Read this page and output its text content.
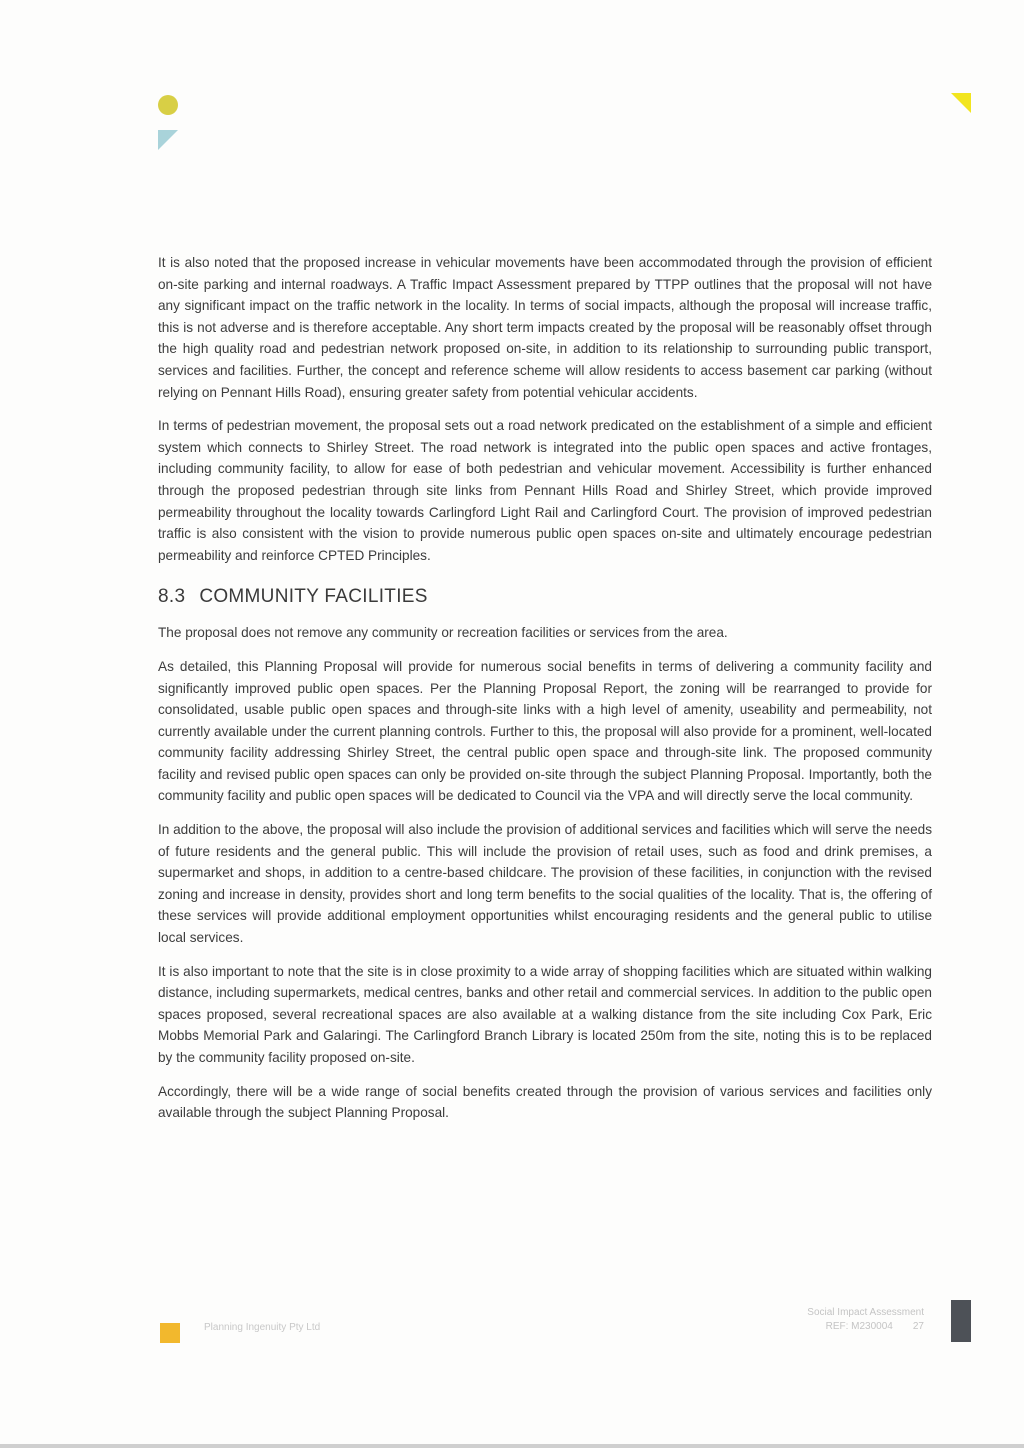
It is also noted that the proposed increase in vehicular movements have been accommodated through the provision of efficient on-site parking and internal roadways. A Traffic Impact Assessment prepared by TTPP outlines that the proposal will not have any significant impact on the traffic network in the locality. In terms of social impacts, although the proposal will increase traffic, this is not adverse and is therefore acceptable. Any short term impacts created by the proposal will be reasonably offset through the high quality road and pedestrian network proposed on-site, in addition to its relationship to surrounding public transport, services and facilities. Further, the concept and reference scheme will allow residents to access basement car parking (without relying on Pennant Hills Road), ensuring greater safety from potential vehicular accidents.

In terms of pedestrian movement, the proposal sets out a road network predicated on the establishment of a simple and efficient system which connects to Shirley Street. The road network is integrated into the public open spaces and active frontages, including community facility, to allow for ease of both pedestrian and vehicular movement. Accessibility is further enhanced through the proposed pedestrian through site links from Pennant Hills Road and Shirley Street, which provide improved permeability throughout the locality towards Carlingford Light Rail and Carlingford Court. The provision of improved pedestrian traffic is also consistent with the vision to provide numerous public open spaces on-site and ultimately encourage pedestrian permeability and reinforce CPTED Principles.

8.3 COMMUNITY FACILITIES

The proposal does not remove any community or recreation facilities or services from the area.

As detailed, this Planning Proposal will provide for numerous social benefits in terms of delivering a community facility and significantly improved public open spaces. Per the Planning Proposal Report, the zoning will be rearranged to provide for consolidated, usable public open spaces and through-site links with a high level of amenity, useability and permeability, not currently available under the current planning controls. Further to this, the proposal will also provide for a prominent, well-located community facility addressing Shirley Street, the central public open space and through-site link. The proposed community facility and revised public open spaces can only be provided on-site through the subject Planning Proposal. Importantly, both the community facility and public open spaces will be dedicated to Council via the VPA and will directly serve the local community.

In addition to the above, the proposal will also include the provision of additional services and facilities which will serve the needs of future residents and the general public. This will include the provision of retail uses, such as food and drink premises, a supermarket and shops, in addition to a centre-based childcare. The provision of these facilities, in conjunction with the revised zoning and increase in density, provides short and long term benefits to the social qualities of the locality. That is, the offering of these services will provide additional employment opportunities whilst encouraging residents and the general public to utilise local services.

It is also important to note that the site is in close proximity to a wide array of shopping facilities which are situated within walking distance, including supermarkets, medical centres, banks and other retail and commercial services. In addition to the public open spaces proposed, several recreational spaces are also available at a walking distance from the site including Cox Park, Eric Mobbs Memorial Park and Galaringi. The Carlingford Branch Library is located 250m from the site, noting this is to be replaced by the community facility proposed on-site.

Accordingly, there will be a wide range of social benefits created through the provision of various services and facilities only available through the subject Planning Proposal.

Planning Ingenuity Pty Ltd
Social Impact Assessment
REF: M230004 27
